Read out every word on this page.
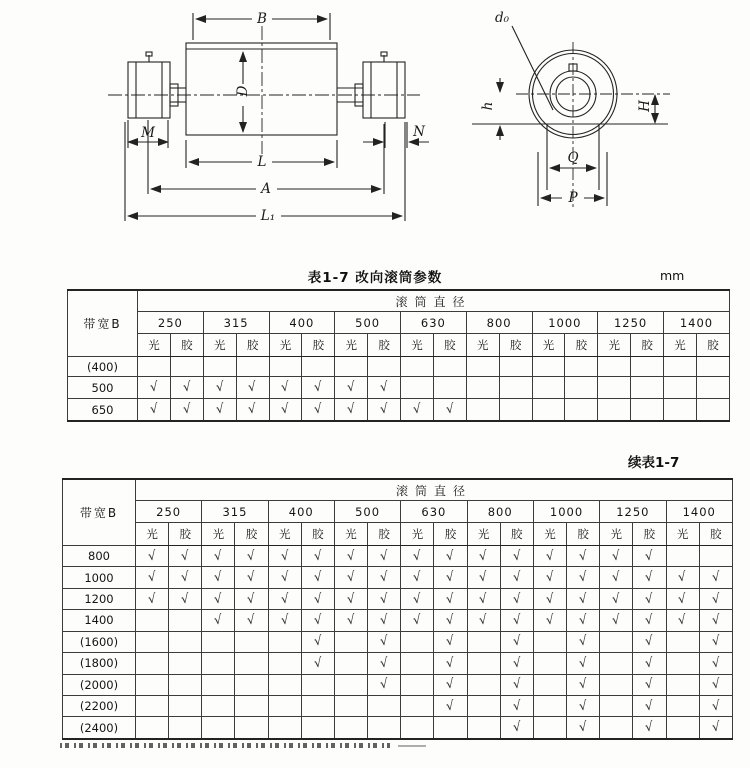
B
D
M	N
L
A
L₁
d₀
h	H
Q
P
表1-7 改向滚筒参数	mm
带宽B	滚筒直径																	
	250		315		400		500		630		800		1000		1250		1400	
	光	胶	光	胶	光	胶	光	胶	光	胶	光	胶	光	胶	光	胶	光	胶
(400)																		
500	√	√	√	√	√	√	√	√										
650	√	√	√	√	√	√	√	√	√	√								
续表1-7
带宽B	滚筒直径																	
	250		315		400		500		630		800		1000		1250		1400	
	光	胶	光	胶	光	胶	光	胶	光	胶	光	胶	光	胶	光	胶	光	胶
800	√	√	√	√	√	√	√	√	√	√	√	√	√	√	√	√		
1000	√	√	√	√	√	√	√	√	√	√	√	√	√	√	√	√	√	√
1200	√	√	√	√	√	√	√	√	√	√	√	√	√	√	√	√	√	√
1400			√	√	√	√	√	√	√	√	√	√	√	√	√	√	√	√
(1600)						√		√		√		√		√		√		√
(1800)						√		√		√		√		√		√		√
(2000)								√		√		√		√		√		√
(2200)										√		√		√		√		√
(2400)												√		√		√		√
